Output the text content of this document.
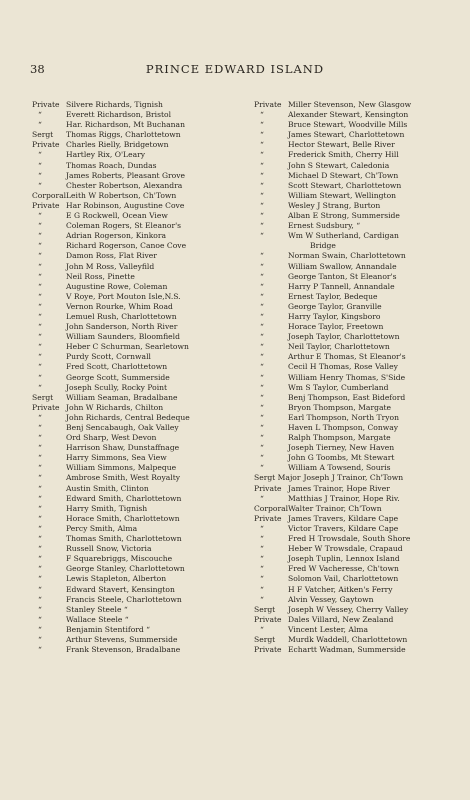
38	PRINCE EDWARD ISLAND
Private Silvere Richards, Tignish
“	Everett Richardson, Bristol
“	Har. Richardson, Mt Buchanan
Sergt	Thomas Riggs, Charlottetown
Private Charles Rielly, Bridgetown
“	Hartley Rix, O'Leary
“	Thomas Roach, Dundas
“	James Roberts, Pleasant Grove
“	Chester Robertson, Alexandra
Corporal Leith W Robertson, Ch'Town
Private Har Robinson, Augustine Cove
“	E G Rockwell, Ocean View
“	Coleman Rogers, St Eleanor's
“	Adrian Rogerson, Kinkora
“	Richard Rogerson, Canoe Cove
“	Damon Ross, Flat River
“	John M Ross, Valleyfild
“	Neil Ross, Pinette
“	Augustine Rowe, Coleman
“	V Roye, Port Mouton Isle,N.S.
“	Vernon Rourke, Whim Road
“	Lemuel Rush, Charlottetown
“	John Sanderson, North River
“	William Saunders, Bloomfield
“	Heber C Schurman, Searletown
“	Purdy Scott, Cornwall
“	Fred Scott, Charlottetown
“	George Scott, Summerside
“	Joseph Scully, Rocky Point
Sergt	William Seaman, Bradalbane
Private John W Richards, Chilton
“	John Richards, Central Bedeque
“	Benj Sencabaugh, Oak Valley
“	Ord Sharp, West Devon
“	Harrison Shaw, Dunstaffnage
“	Harry Simmons, Sea View
“	William Simmons, Malpeque
“	Ambrose Smith, West Royalty
“	Austin Smith, Clinton
“	Edward Smith, Charlottetown
“	Harry Smith, Tignish
“	Horace Smith, Charlottetown
“	Percy Smith, Alma
“	Thomas Smith, Charlottetown
“	Russell Snow, Victoria
“	F Squarebriggs, Miscouche
“	George Stanley, Charlottetown
“	Lewis Stapleton, Alberton
“	Edward Stavert, Kensington
“	Francis Steele, Charlottetown
“	Stanley Steele “
“	Wallace Steele “
“	Benjamin Stentiford “
“	Arthur Stevens, Summerside
“	Frank Stevenson, Bradalbane
Private Miller Stevenson, New Glasgow
“	Alexander Stewart, Kensington
“	Bruce Stewart, Woodville Mills
“	James Stewart, Charlottetown
“	Hector Stewart, Belle River
“	Frederick Smith, Cherry Hill
“	John S Stewart, Caledonia
“	Michael D Stewart, Ch'Town
“	Scott Stewart, Charlottetown
“	William Stewart, Wellington
“	Wesley J Strang, Burton
“	Alban E Strong, Summerside
“	Ernest Sudsbury, “
“	Wm W Sutherland, Cardigan
Bridge
“	Norman Swain, Charlottetown
“	William Swallow, Annandale
“	George Tanton, St Eleanor's
“	Harry P Tannell, Annandale
“	Ernest Taylor, Bedeque
“	George Taylor, Granville
“	Harry Taylor, Kingsboro
“	Horace Taylor, Freetown
“	Joseph Taylor, Charlottetown
“	Neil Taylor, Charlottetown
“	Arthur E Thomas, St Eleanor's
“	Cecil H Thomas, Rose Valley
“	William Henry Thomas, S'Side
“	Wm S Taylor, Cumberland
“	Benj Thompson, East Bideford
“	Bryon Thompson, Margate
“	Earl Thompson, North Tryon
“	Haven L Thompson, Conway
“	Ralph Thompson, Margate
“	Joseph Tierney, New Haven
“	John G Toombs, Mt Stewart
“	William A Towsend, Souris
Sergt Major Joseph J Trainor, Ch'Town
Private James Trainor, Hope River
“	Matthias J Trainor, Hope Riv.
Corporal Walter Trainor, Ch'Town
Private James Travers, Kildare Cape
“	Victor Travers, Kildare Cape
“	Fred H Trowsdale, South Shore
“	Heber W Trowsdale, Crapaud
“	Joseph Tuplin, Lennox Island
“	Fred W Vacheresse, Ch'town
“	Solomon Vail, Charlottetown
“	H F Vatcher, Aitken's Ferry
“	Alvin Vessey, Gaytown
Sergt	Joseph W Vessey, Cherry Valley
Private Dales Villard, New Zealand
“	Vincent Lester, Alma
Sergt	Murdk Waddell, Charlottetown
Private Echartt Wadman, Summerside
